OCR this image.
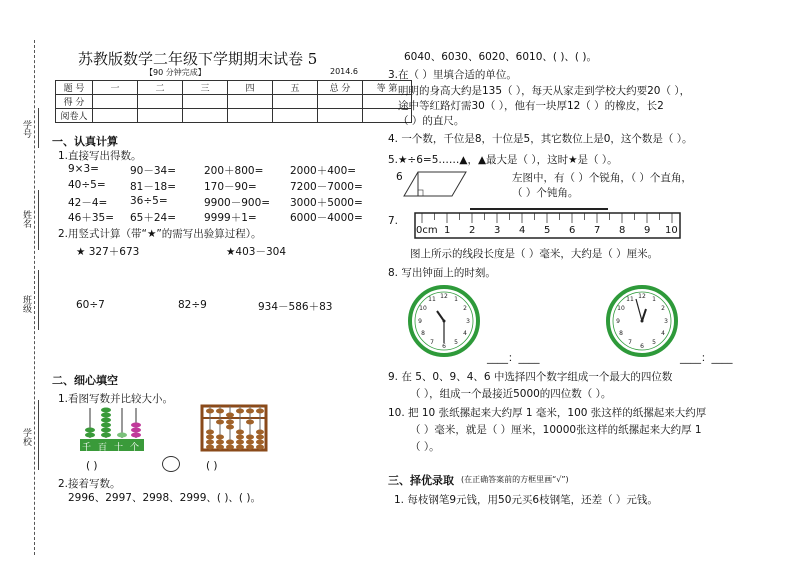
学号
姓名
班级
学校
苏教版数学二年级下学期期末试卷 5
【90 分钟完成】	2014.6
题 号	一	二	三	四	五	总 分	等 第
得 分							
阅卷人							
一、认真计算
1.直接写出得数。
9×3=	90－34=	200＋800=	2000＋400=
40÷5= 81－18=	170－90=	7200－7000=
42－4= 36÷5=	9900－900= 3000＋5000=
46＋35= 65＋24=	9999＋1=	6000－4000=
2.用竖式计算（带“★”的需写出验算过程）。
★ 327＋673	★403－304
60÷7	82÷9	934－586＋83
二、细心填空
1.看图写数并比较大小。
千百十个
( )	( )
2.接着写数。
2996、2997、2998、2999、( )、( )。
6040、6030、6020、6010、( )、( )。
3.在（ ）里填合适的单位。
明明的身高大约是135（ ），每天从家走到学校大约要20（ ），
途中等红路灯需30（ ），他有一块厚12（ ）的橡皮，长2
（ ）的直尺。
4. 一个数，千位是8，十位是5，其它数位上是0，这个数是（ ）。
5.★÷6=5……▲，▲最大是（ ），这时★是（ ）。
6	左图中，有（ ）个锐角，（ ）个直角，
（ ）个钝角。
7.
0cm 1 2 3 4 5 6 7 8 9 10
图上所示的线段长度是（ ）毫米，大约是（ ）厘米。
8. 写出钟面上的时刻。
12 1
2
3
4
5
6
7
8
9
10
11	12 1
2
3
4
5
6
7
8
9
10
11
____：____	____：____
9. 在 5、0、9、4、6 中选择四个数字组成一个最大的四位数
（ ），组成一个最接近5000的四位数（ ）。
10. 把 10 张纸摞起来大约厚 1 毫米，100 张这样的纸摞起来大约厚
（ ）毫米，就是（ ）厘米，10000张这样的纸摞起来大约厚 1
（ ）。
三、择优录取 (在正确答案前的方框里画“√”)
1. 每枝钢笔9元钱，用50元买6枝钢笔，还差（ ）元钱。
